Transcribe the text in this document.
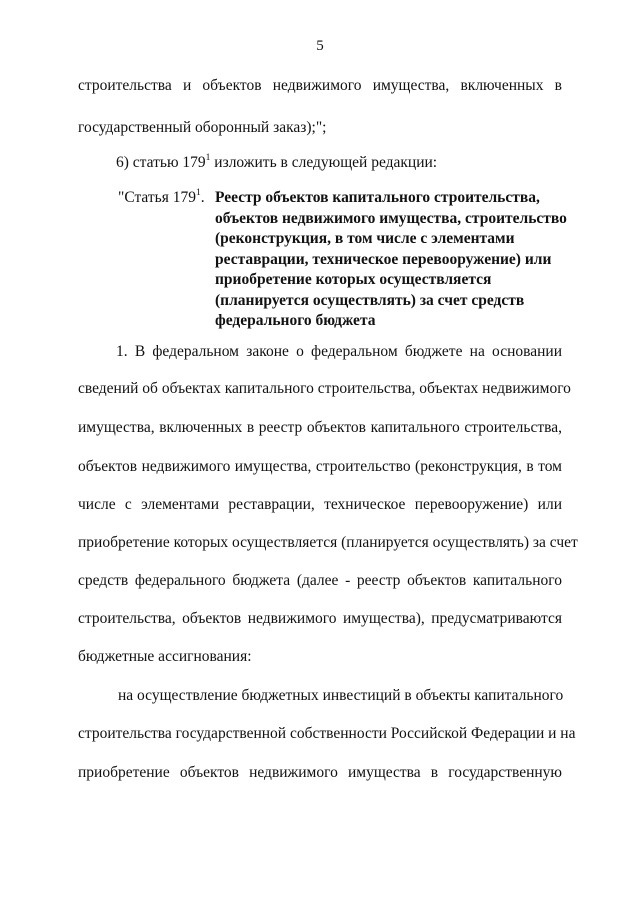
5
строительства и объектов недвижимого имущества, включенных в
государственный оборонный заказ);";
6) статью $179^1$ изложить в следующей редакции:
"Статья $179^1$. Реестр объектов капитального строительства,
объектов недвижимого имущества, строительство
(реконструкция, в том числе с элементами
реставрации, техническое перевооружение) или
приобретение которых осуществляется
(планируется осуществлять) за счет средств
федерального бюджета
1. В федеральном законе о федеральном бюджете на основании
сведений об объектах капитального строительства, объектах недвижимого
имущества, включенных в реестр объектов капитального строительства,
объектов недвижимого имущества, строительство (реконструкция, в том
числе с элементами реставрации, техническое перевооружение) или
приобретение которых осуществляется (планируется осуществлять) за счет
средств федерального бюджета (далее - реестр объектов капитального
строительства, объектов недвижимого имущества), предусматриваются
бюджетные ассигнования:
на осуществление бюджетных инвестиций в объекты капитального
строительства государственной собственности Российской Федерации и на
приобретение объектов недвижимого имущества в государственную
